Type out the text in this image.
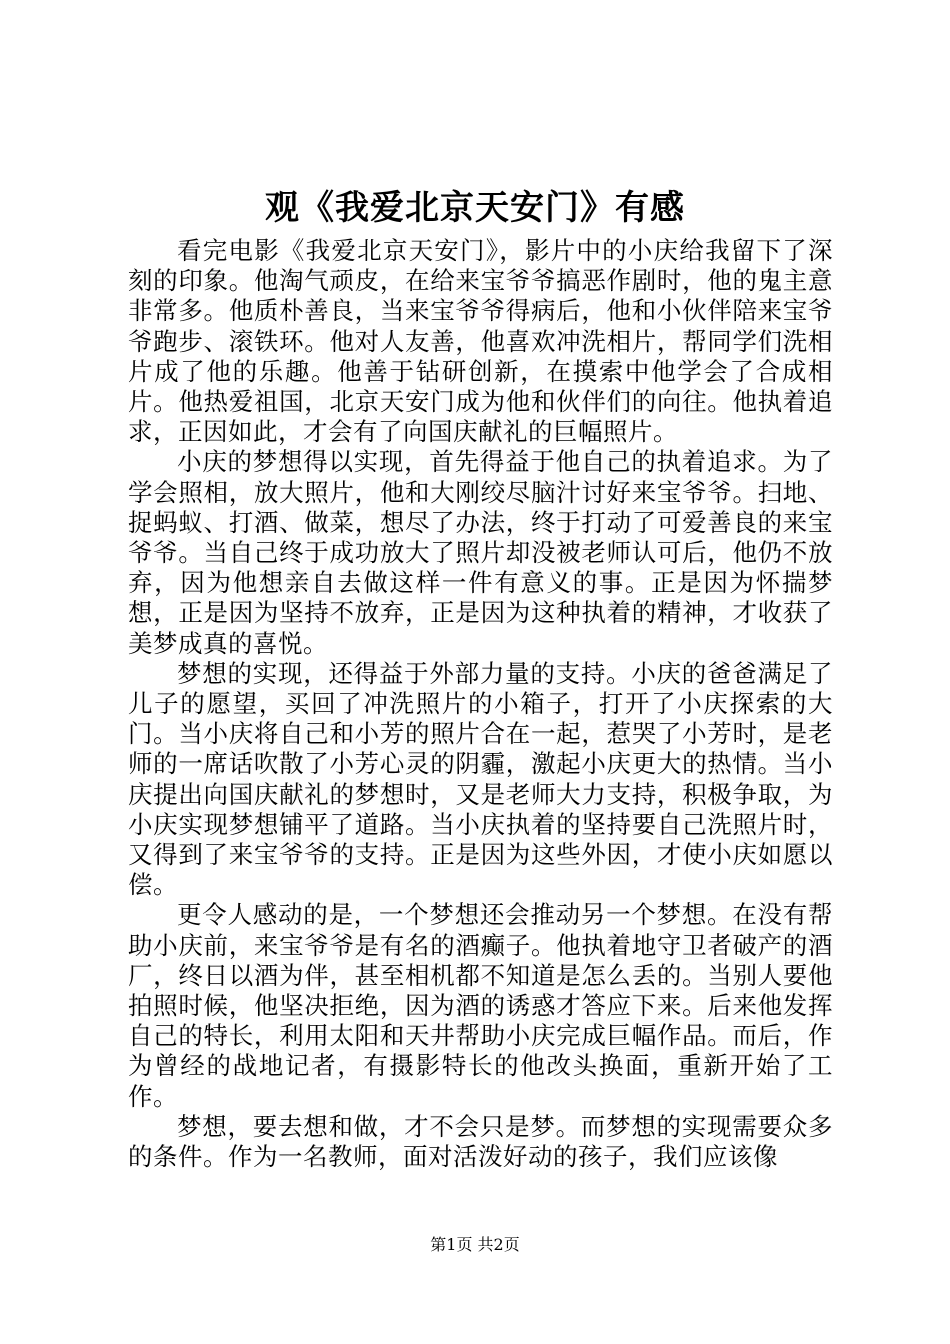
观《我爱北京天安门》有感

看完电影《我爱北京天安门》，影片中的小庆给我留下了深刻的印象。他淘气顽皮，在给来宝爷爷搞恶作剧时，他的鬼主意非常多。他质朴善良，当来宝爷爷得病后，他和小伙伴陪来宝爷爷跑步、滚铁环。他对人友善，他喜欢冲洗相片，帮同学们洗相片成了他的乐趣。他善于钻研创新，在摸索中他学会了合成相片。他热爱祖国，北京天安门成为他和伙伴们的向往。他执着追求，正因如此，才会有了向国庆献礼的巨幅照片。

小庆的梦想得以实现，首先得益于他自己的执着追求。为了学会照相，放大照片，他和大刚绞尽脑汁讨好来宝爷爷。扫地、捉蚂蚁、打酒、做菜，想尽了办法，终于打动了可爱善良的来宝爷爷。当自己终于成功放大了照片却没被老师认可后，他仍不放弃，因为他想亲自去做这样一件有意义的事。正是因为怀揣梦想，正是因为坚持不放弃，正是因为这种执着的精神，才收获了美梦成真的喜悦。

梦想的实现，还得益于外部力量的支持。小庆的爸爸满足了儿子的愿望，买回了冲洗照片的小箱子，打开了小庆探索的大门。当小庆将自己和小芳的照片合在一起，惹哭了小芳时，是老师的一席话吹散了小芳心灵的阴霾，激起小庆更大的热情。当小庆提出向国庆献礼的梦想时，又是老师大力支持，积极争取，为小庆实现梦想铺平了道路。当小庆执着的坚持要自己洗照片时，又得到了来宝爷爷的支持。正是因为这些外因，才使小庆如愿以偿。

更令人感动的是，一个梦想还会推动另一个梦想。在没有帮助小庆前，来宝爷爷是有名的酒癫子。他执着地守卫者破产的酒厂，终日以酒为伴，甚至相机都不知道是怎么丢的。当别人要他拍照时候，他坚决拒绝，因为酒的诱惑才答应下来。后来他发挥自己的特长，利用太阳和天井帮助小庆完成巨幅作品。而后，作为曾经的战地记者，有摄影特长的他改头换面，重新开始了工作。

梦想，要去想和做，才不会只是梦。而梦想的实现需要众多的条件。作为一名教师，面对活泼好动的孩子，我们应该像

第1页 共2页
